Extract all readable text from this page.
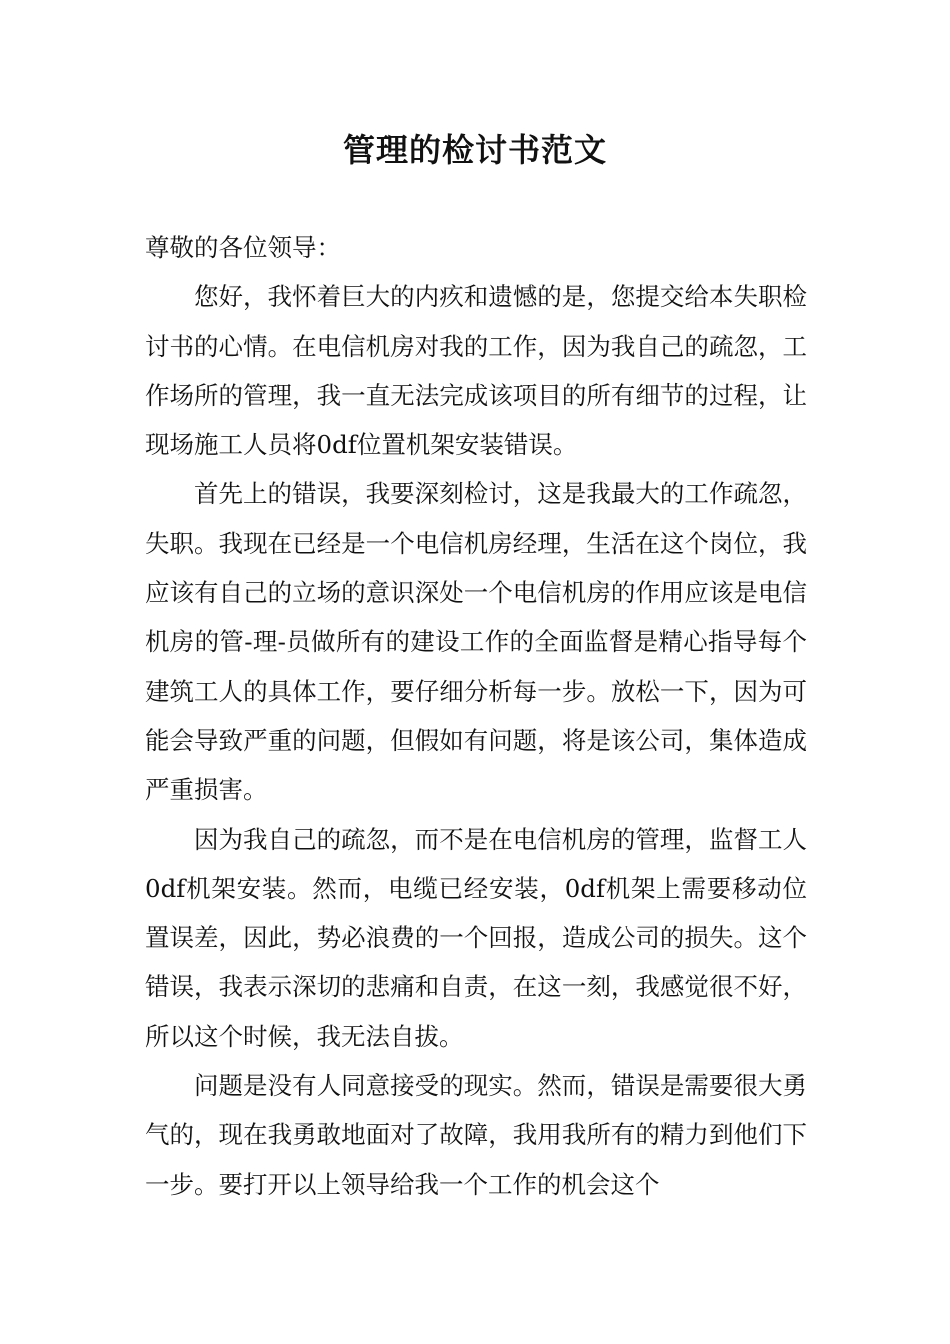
管理的检讨书范文

尊敬的各位领导：

您好，我怀着巨大的内疚和遗憾的是，您提交给本失职检讨书的心情。在电信机房对我的工作，因为我自己的疏忽，工作场所的管理，我一直无法完成该项目的所有细节的过程，让现场施工人员将0df位置机架安装错误。

首先上的错误，我要深刻检讨，这是我最大的工作疏忽，失职。我现在已经是一个电信机房经理，生活在这个岗位，我应该有自己的立场的意识深处一个电信机房的作用应该是电信机房的管-理-员做所有的建设工作的全面监督是精心指导每个建筑工人的具体工作，要仔细分析每一步。放松一下，因为可能会导致严重的问题，但假如有问题，将是该公司，集体造成严重损害。

因为我自己的疏忽，而不是在电信机房的管理，监督工人0df机架安装。然而，电缆已经安装，0df机架上需要移动位置误差，因此，势必浪费的一个回报，造成公司的损失。这个错误，我表示深切的悲痛和自责，在这一刻，我感觉很不好，所以这个时候，我无法自拔。

问题是没有人同意接受的现实。然而，错误是需要很大勇气的，现在我勇敢地面对了故障，我用我所有的精力到他们下一步。要打开以上领导给我一个工作的机会这个
